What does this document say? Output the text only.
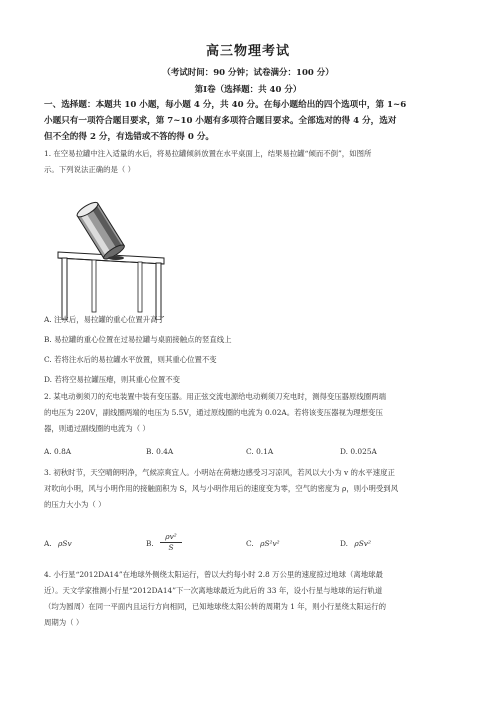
高三物理考试
（考试时间：90 分钟；试卷满分：100 分）
第Ⅰ卷（选择题：共 40 分）
一、选择题：本题共 10 小题，每小题 4 分，共 40 分。在每小题给出的四个选项中，第 1~6
小题只有一项符合题目要求，第 7~10 小题有多项符合题目要求。全部选对的得 4 分，选对
但不全的得 2 分，有选错或不答的得 0 分。
1. 在空易拉罐中注入适量的水后，将易拉罐倾斜放置在水平桌面上，结果易拉罐“倾而不倒”，如图所
示。下列说法正确的是（ ）
A. 注水后，易拉罐的重心位置升高了
B. 易拉罐的重心位置在过易拉罐与桌面接触点的竖直线上
C. 若将注水后的易拉罐水平放置，则其重心位置不变
D. 若将空易拉罐压瘪，则其重心位置不变
2. 某电动剃须刀的充电装置中装有变压器。用正弦交流电源给电动剃须刀充电时，测得变压器原线圈两端
的电压为 220V，副线圈两端的电压为 5.5V，通过原线圈的电流为 0.02A。若将该变压器视为理想变压
器，则通过副线圈的电流为（ ）
A. 0.8A	B. 0.4A	C. 0.1A	D. 0.025A
3. 初秋时节，天空晴朗明净，气候凉爽宜人。小明站在荷塘边感受习习凉风，若风以大小为 v 的水平速度正
对吹向小明，风与小明作用的接触面积为 S，风与小明作用后的速度变为零，空气的密度为 ρ，则小明受到风
的压力大小为（ ）
A. ρSv	B. $\frac{\text{ρv²}}{S}$	C. ρS²v²	D. ρSv²
4. 小行星“2012DA14”在地球外侧绕太阳运行，曾以大约每小时 2.8 万公里的速度掠过地球（离地球最
近）。天文学家推测小行星“2012DA14”下一次离地球最近为此后的 33 年，设小行星与地球的运行轨道
（均为圆周）在同一平面内且运行方向相同，已知地球绕太阳公转的周期为 1 年，则小行星绕太阳运行的
周期为（ ）
